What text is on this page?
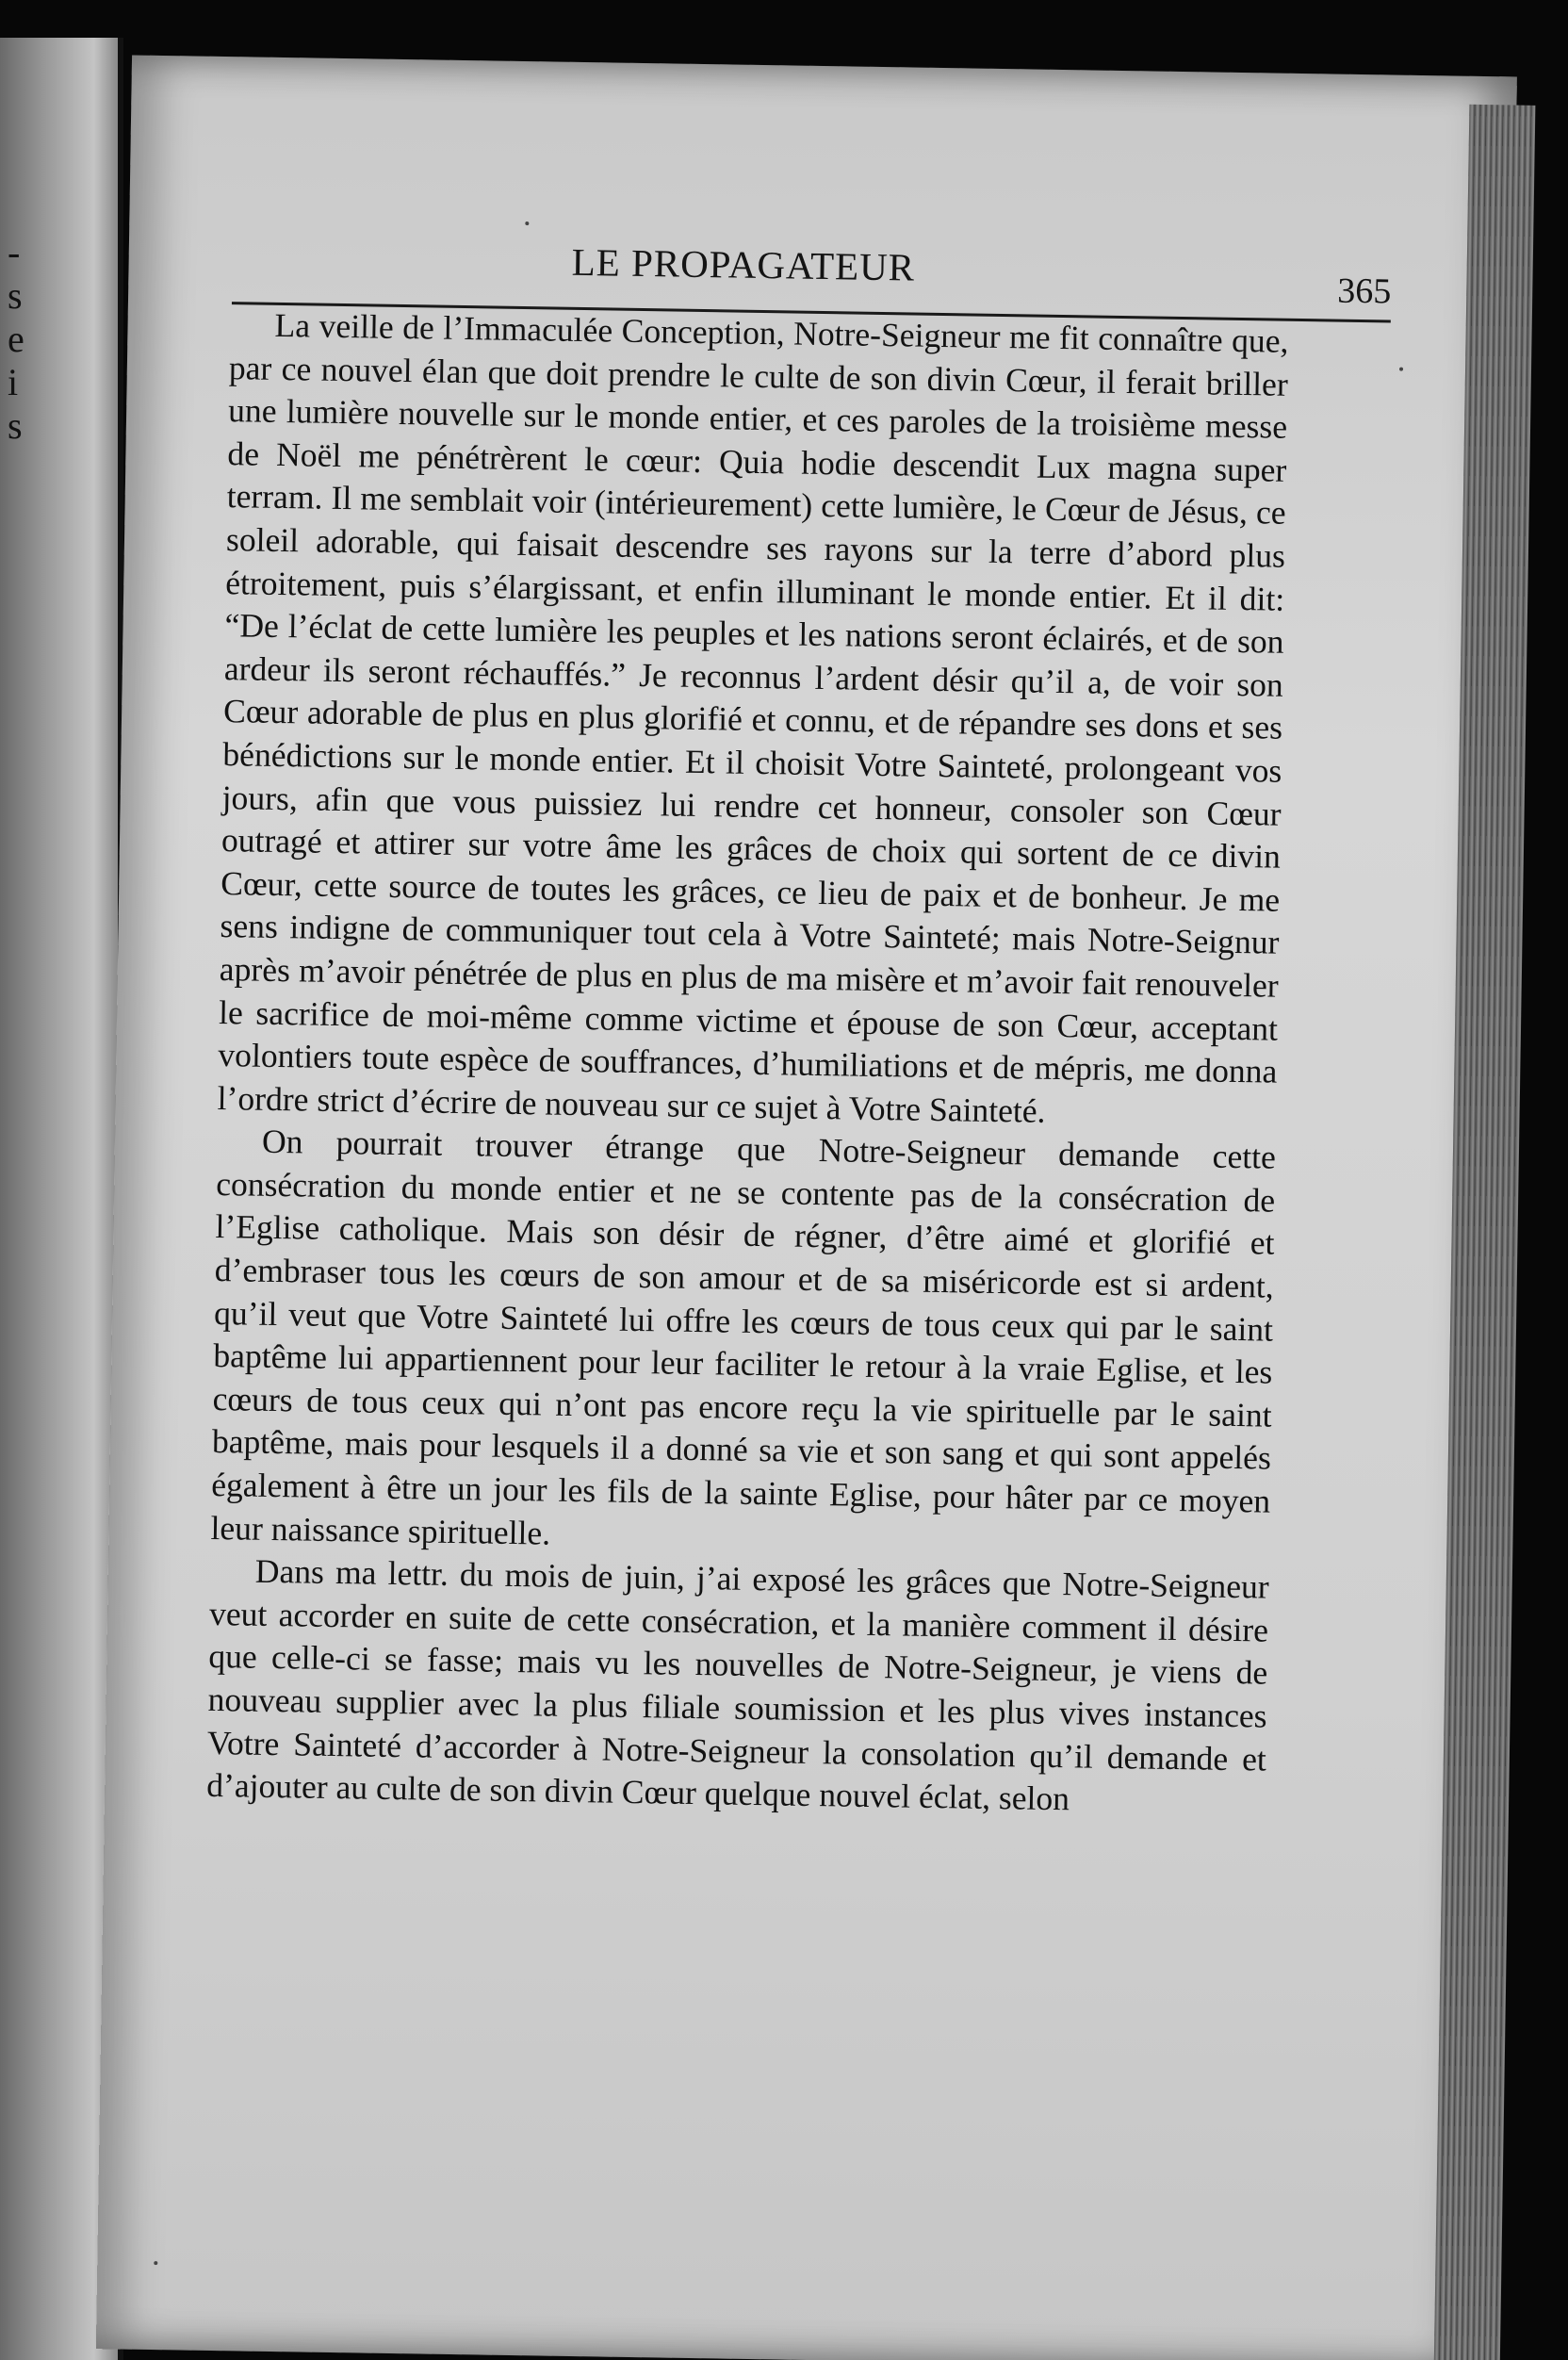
-
s
e
i
s
LE PROPAGATEUR
365

La veille de l’Immaculée Conception, Notre-Seigneur me fit connaître que, par ce nouvel élan que doit prendre le culte de son divin Cœur, il ferait briller une lumière nouvelle sur le monde entier, et ces paroles de la troisième messe de Noël me pénétrèrent le cœur: Quia hodie descendit Lux magna super terram. Il me semblait voir (intérieurement) cette lumière, le Cœur de Jésus, ce soleil adorable, qui faisait descendre ses rayons sur la terre d’abord plus étroitement, puis s’élargissant, et enfin illuminant le monde entier. Et il dit: “De l’éclat de cette lumière les peuples et les nations seront éclairés, et de son ardeur ils seront réchauffés.” Je reconnus l’ardent désir qu’il a, de voir son Cœur adorable de plus en plus glorifié et connu, et de répandre ses dons et ses bénédictions sur le monde entier. Et il choisit Votre Sainteté, prolongeant vos jours, afin que vous puissiez lui rendre cet honneur, consoler son Cœur outragé et attirer sur votre âme les grâces de choix qui sortent de ce divin Cœur, cette source de toutes les grâces, ce lieu de paix et de bonheur. Je me sens indigne de communiquer tout cela à Votre Sainteté; mais Notre-Seignur après m’avoir pénétrée de plus en plus de ma misère et m’avoir fait renouveler le sacrifice de moi-même comme victime et épouse de son Cœur, acceptant volontiers toute espèce de souffrances, d’humiliations et de mépris, me donna l’ordre strict d’écrire de nouveau sur ce sujet à Votre Sainteté.

On pourrait trouver étrange que Notre-Seigneur demande cette consécration du monde entier et ne se contente pas de la consécration de l’Eglise catholique. Mais son désir de régner, d’être aimé et glorifié et d’embraser tous les cœurs de son amour et de sa miséricorde est si ardent, qu’il veut que Votre Sainteté lui offre les cœurs de tous ceux qui par le saint baptême lui appartiennent pour leur faciliter le retour à la vraie Eglise, et les cœurs de tous ceux qui n’ont pas encore reçu la vie spirituelle par le saint baptême, mais pour lesquels il a donné sa vie et son sang et qui sont appelés également à être un jour les fils de la sainte Eglise, pour hâter par ce moyen leur naissance spirituelle.

Dans ma lettr. du mois de juin, j’ai exposé les grâces que Notre-Seigneur veut accorder en suite de cette consécration, et la manière comment il désire que celle-ci se fasse; mais vu les nouvelles de Notre-Seigneur, je viens de nouveau supplier avec la plus filiale soumission et les plus vives instances Votre Sainteté d’accorder à Notre-Seigneur la consolation qu’il demande et d’ajouter au culte de son divin Cœur quelque nouvel éclat, selon
